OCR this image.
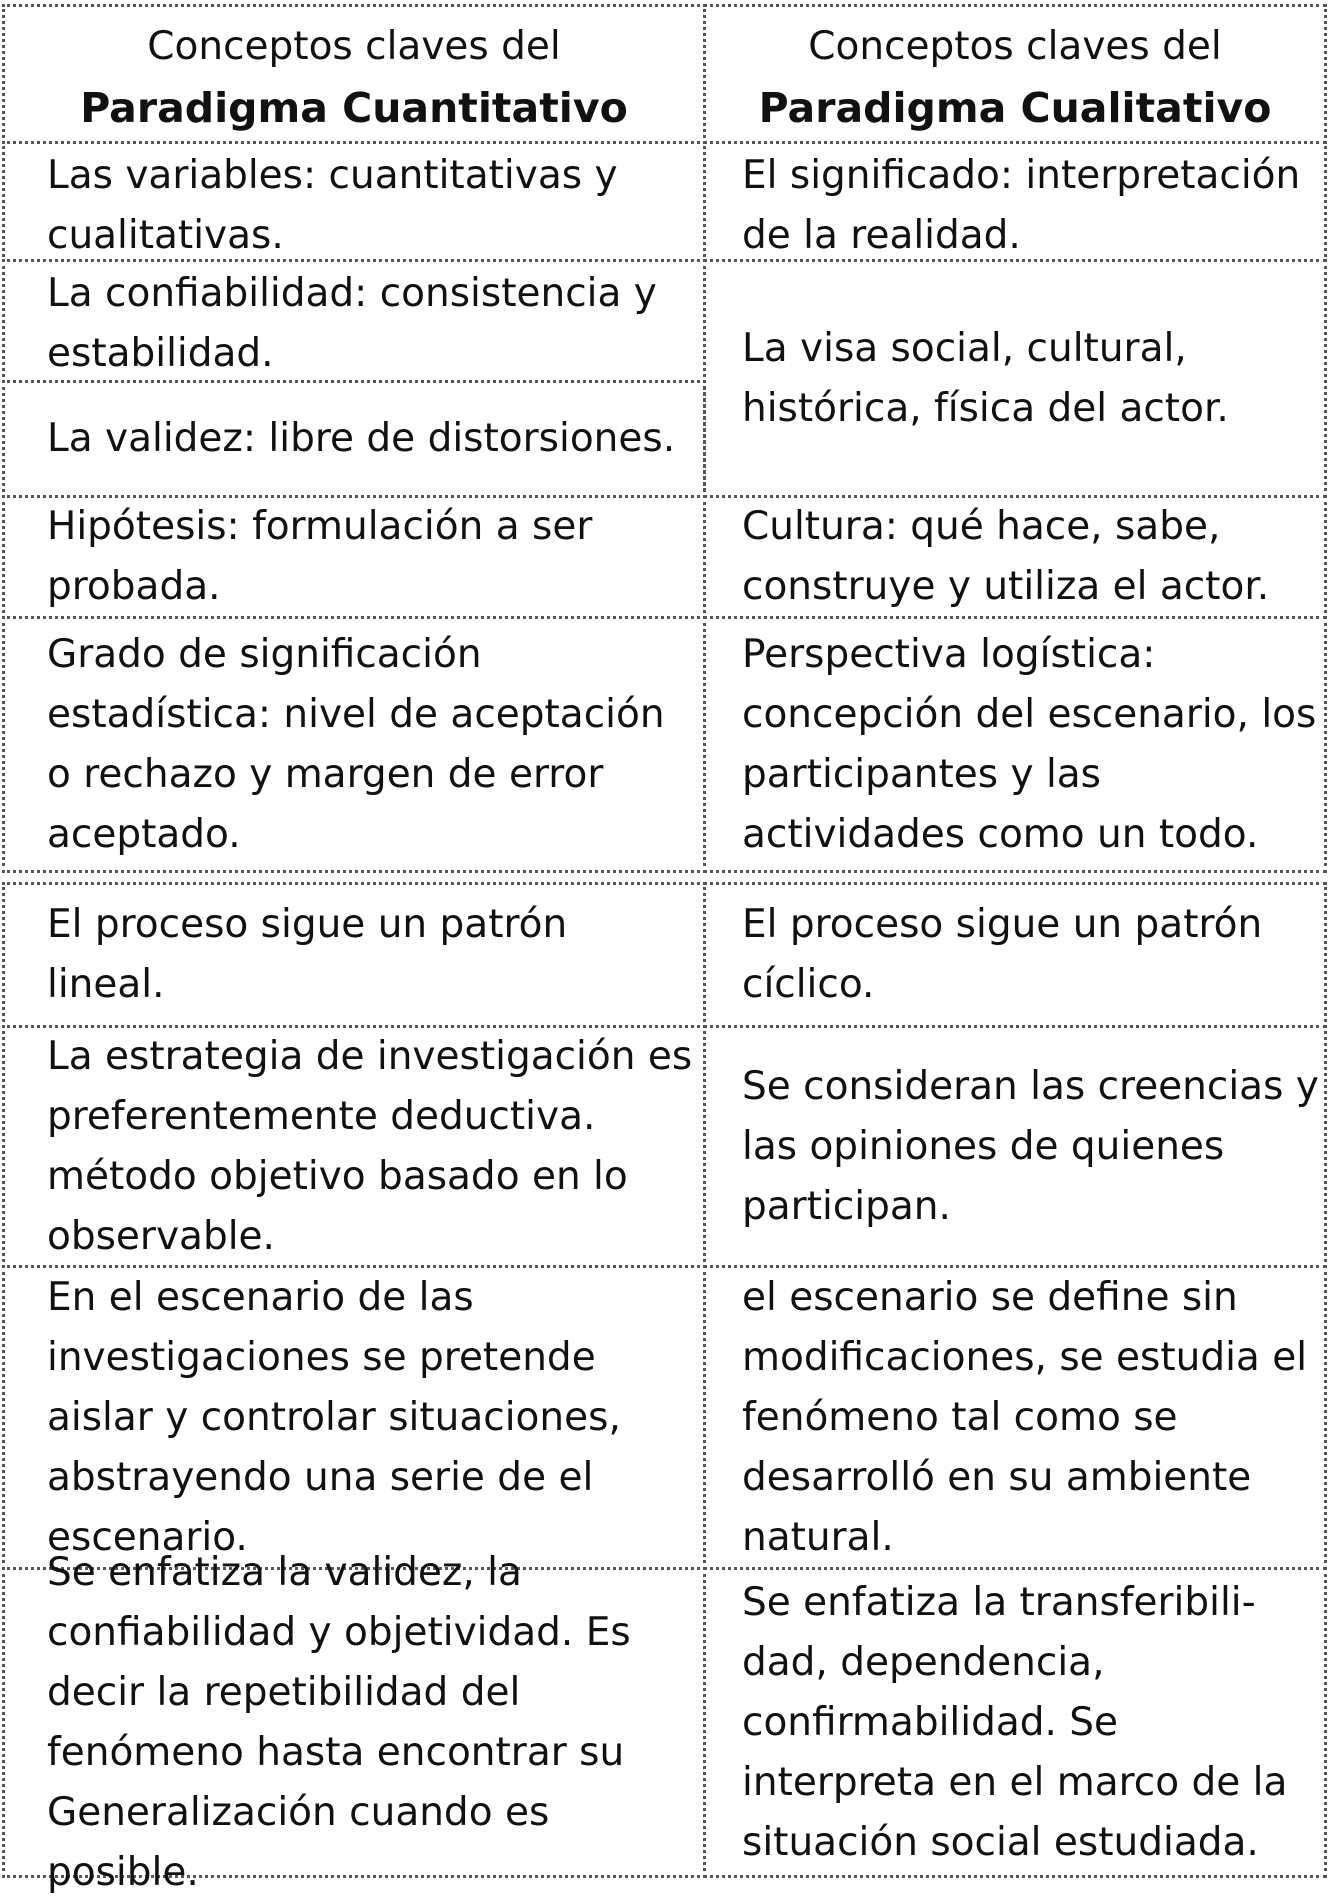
Conceptos claves del
Paradigma Cuantitativo
Conceptos claves del
Paradigma Cualitativo
Las variables: cuantitativas y cualitativas.
La confiabilidad: consistencia y estabilidad.
La validez: libre de distorsiones.
Hipótesis: formulación a ser probada.
Grado de significación estadística: nivel de aceptación o rechazo y margen de error aceptado.
El proceso sigue un patrón lineal.
La estrategia de investigación es preferentemente deductiva. método objetivo basado en lo observable.
En el escenario de las investigaciones se pretende aislar y controlar situaciones, abstrayendo una serie de el escenario.
Se enfatiza la validez, la confiabilidad y objetividad. Es decir la repetibilidad del fenómeno hasta encontrar su Generalización cuando es posible.
El significado: interpretación de la realidad.
La visa social, cultural, histórica, física del actor.
Cultura: qué hace, sabe, construye y utiliza el actor.
Perspectiva logística: concepción del escenario, los participantes y las actividades como un todo.
El proceso sigue un patrón cíclico.
Se consideran las creencias y las opiniones de quienes participan.
el escenario se define sin modificaciones, se estudia el fenómeno tal como se desarrolló en su ambiente natural.
Se enfatiza la transferibili-dad, dependencia, confirmabilidad. Se interpreta en el marco de la situación social estudiada.
